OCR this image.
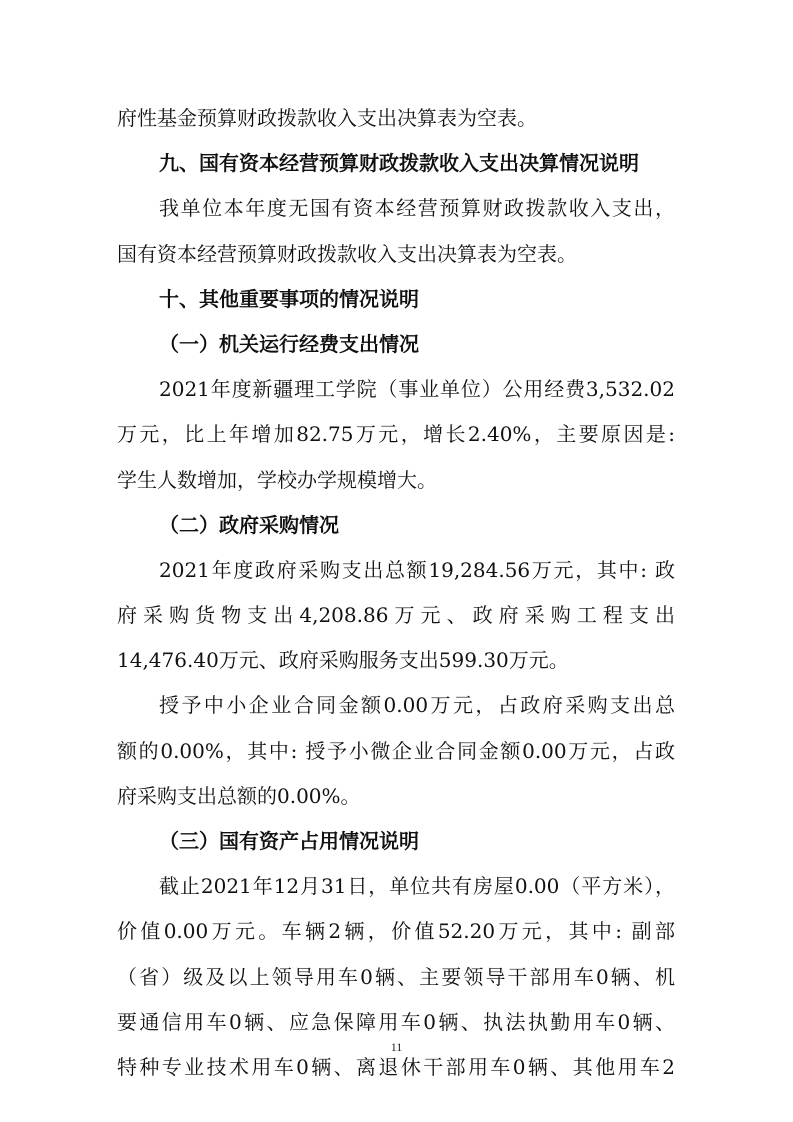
府性基金预算财政拨款收入支出决算表为空表。
九、国有资本经营预算财政拨款收入支出决算情况说明
我单位本年度无国有资本经营预算财政拨款收入支出，
国有资本经营预算财政拨款收入支出决算表为空表。
十、其他重要事项的情况说明
（一）机关运行经费支出情况
2021年度新疆理工学院（事业单位）公用经费3,532.02
万元，比上年增加82.75万元，增长2.40%，主要原因是:
学生人数增加，学校办学规模增大。
（二）政府采购情况
2021年度政府采购支出总额19,284.56万元，其中: 政
府采购货物支出4,208.86万元、政府采购工程支出
14,476.40万元、政府采购服务支出599.30万元。
授予中小企业合同金额0.00万元，占政府采购支出总
额的0.00%，其中: 授予小微企业合同金额0.00万元，占政
府采购支出总额的0.00%。
（三）国有资产占用情况说明
截止2021年12月31日，单位共有房屋0.00（平方米），
价值0.00万元。车辆2辆，价值52.20万元，其中: 副部
（省）级及以上领导用车0辆、主要领导干部用车0辆、机
要通信用车0辆、应急保障用车0辆、执法执勤用车0辆、
特种专业技术用车0辆、离退休干部用车0辆、其他用车2
11
